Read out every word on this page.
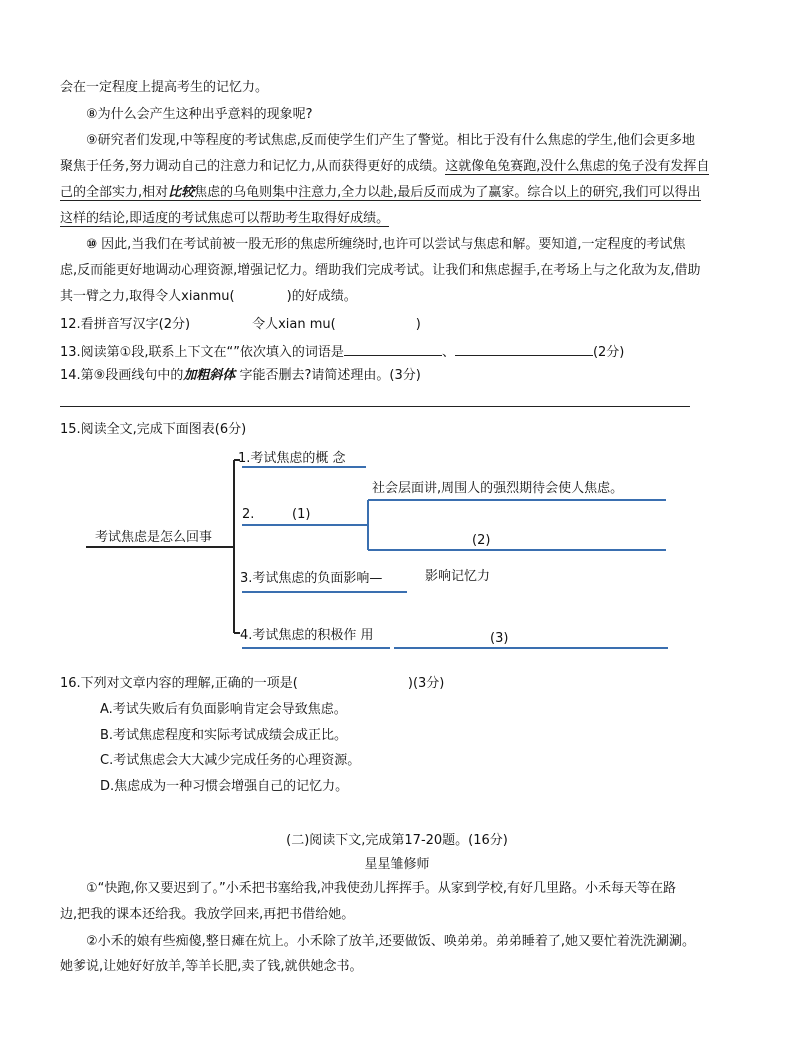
会在一定程度上提高考生的记忆力。
⑧为什么会产生这种出乎意料的现象呢?
⑨研究者们发现,中等程度的考试焦虑,反而使学生们产生了警觉。相比于没有什么焦虑的学生,他们会更多地
聚焦于任务,努力调动自己的注意力和记忆力,从而获得更好的成绩。这就像龟兔赛跑,没什么焦虑的兔子没有发挥自
己的全部实力,相对比较焦虑的乌龟则集中注意力,全力以赴,最后反而成为了赢家。综合以上的研究,我们可以得出
这样的结论,即适度的考试焦虑可以帮助考生取得好成绩。
⑩ 因此,当我们在考试前被一股无形的焦虑所缠绕时,也许可以尝试与焦虑和解。要知道,一定程度的考试焦
虑,反而能更好地调动心理资源,增强记忆力。缙助我们完成考试。让我们和焦虑握手,在考场上与之化敌为友,借助
其一臂之力,取得令人xianmu(	)的好成绩。
12.看拼音写汉字(2分)	令人xian mu(	)
13.阅读第①段,联系上下文在“”依次填入的词语是	、	(2分)
14.第⑨段画线句中的加粗斜体 字能否删去?请简述理由。(3分)
15.阅读全文,完成下面图表(6分)
考试焦虑是怎么回事
1.考试焦虑的概 念
2.	(1)
社会层面讲,周围人的强烈期待会使人焦虑。
(2)
3.考试焦虑的负面影响—	影响记忆力
4.考试焦虑的积极作 用	(3)
16.下列对文章内容的理解,正确的一项是(	)(3分)
A.考试失败后有负面影响肯定会导致焦虑。
B.考试焦虑程度和实际考试成绩会成正比。
C.考试焦虑会大大减少完成任务的心理资源。
D.焦虑成为一种习惯会增强自己的记忆力。
(二)阅读下文,完成第17-20题。(16分)
星星雏修师
①“快跑,你又要迟到了。”小禾把书塞给我,冲我使劲儿挥挥手。从家到学校,有好几里路。小禾每天等在路
边,把我的课本还给我。我放学回来,再把书借给她。
②小禾的娘有些痴傻,整日瘫在炕上。小禾除了放羊,还要做饭、唤弟弟。弟弟睡着了,她又要忙着洗洗涮涮。
她爹说,让她好好放羊,等羊长肥,卖了钱,就供她念书。
